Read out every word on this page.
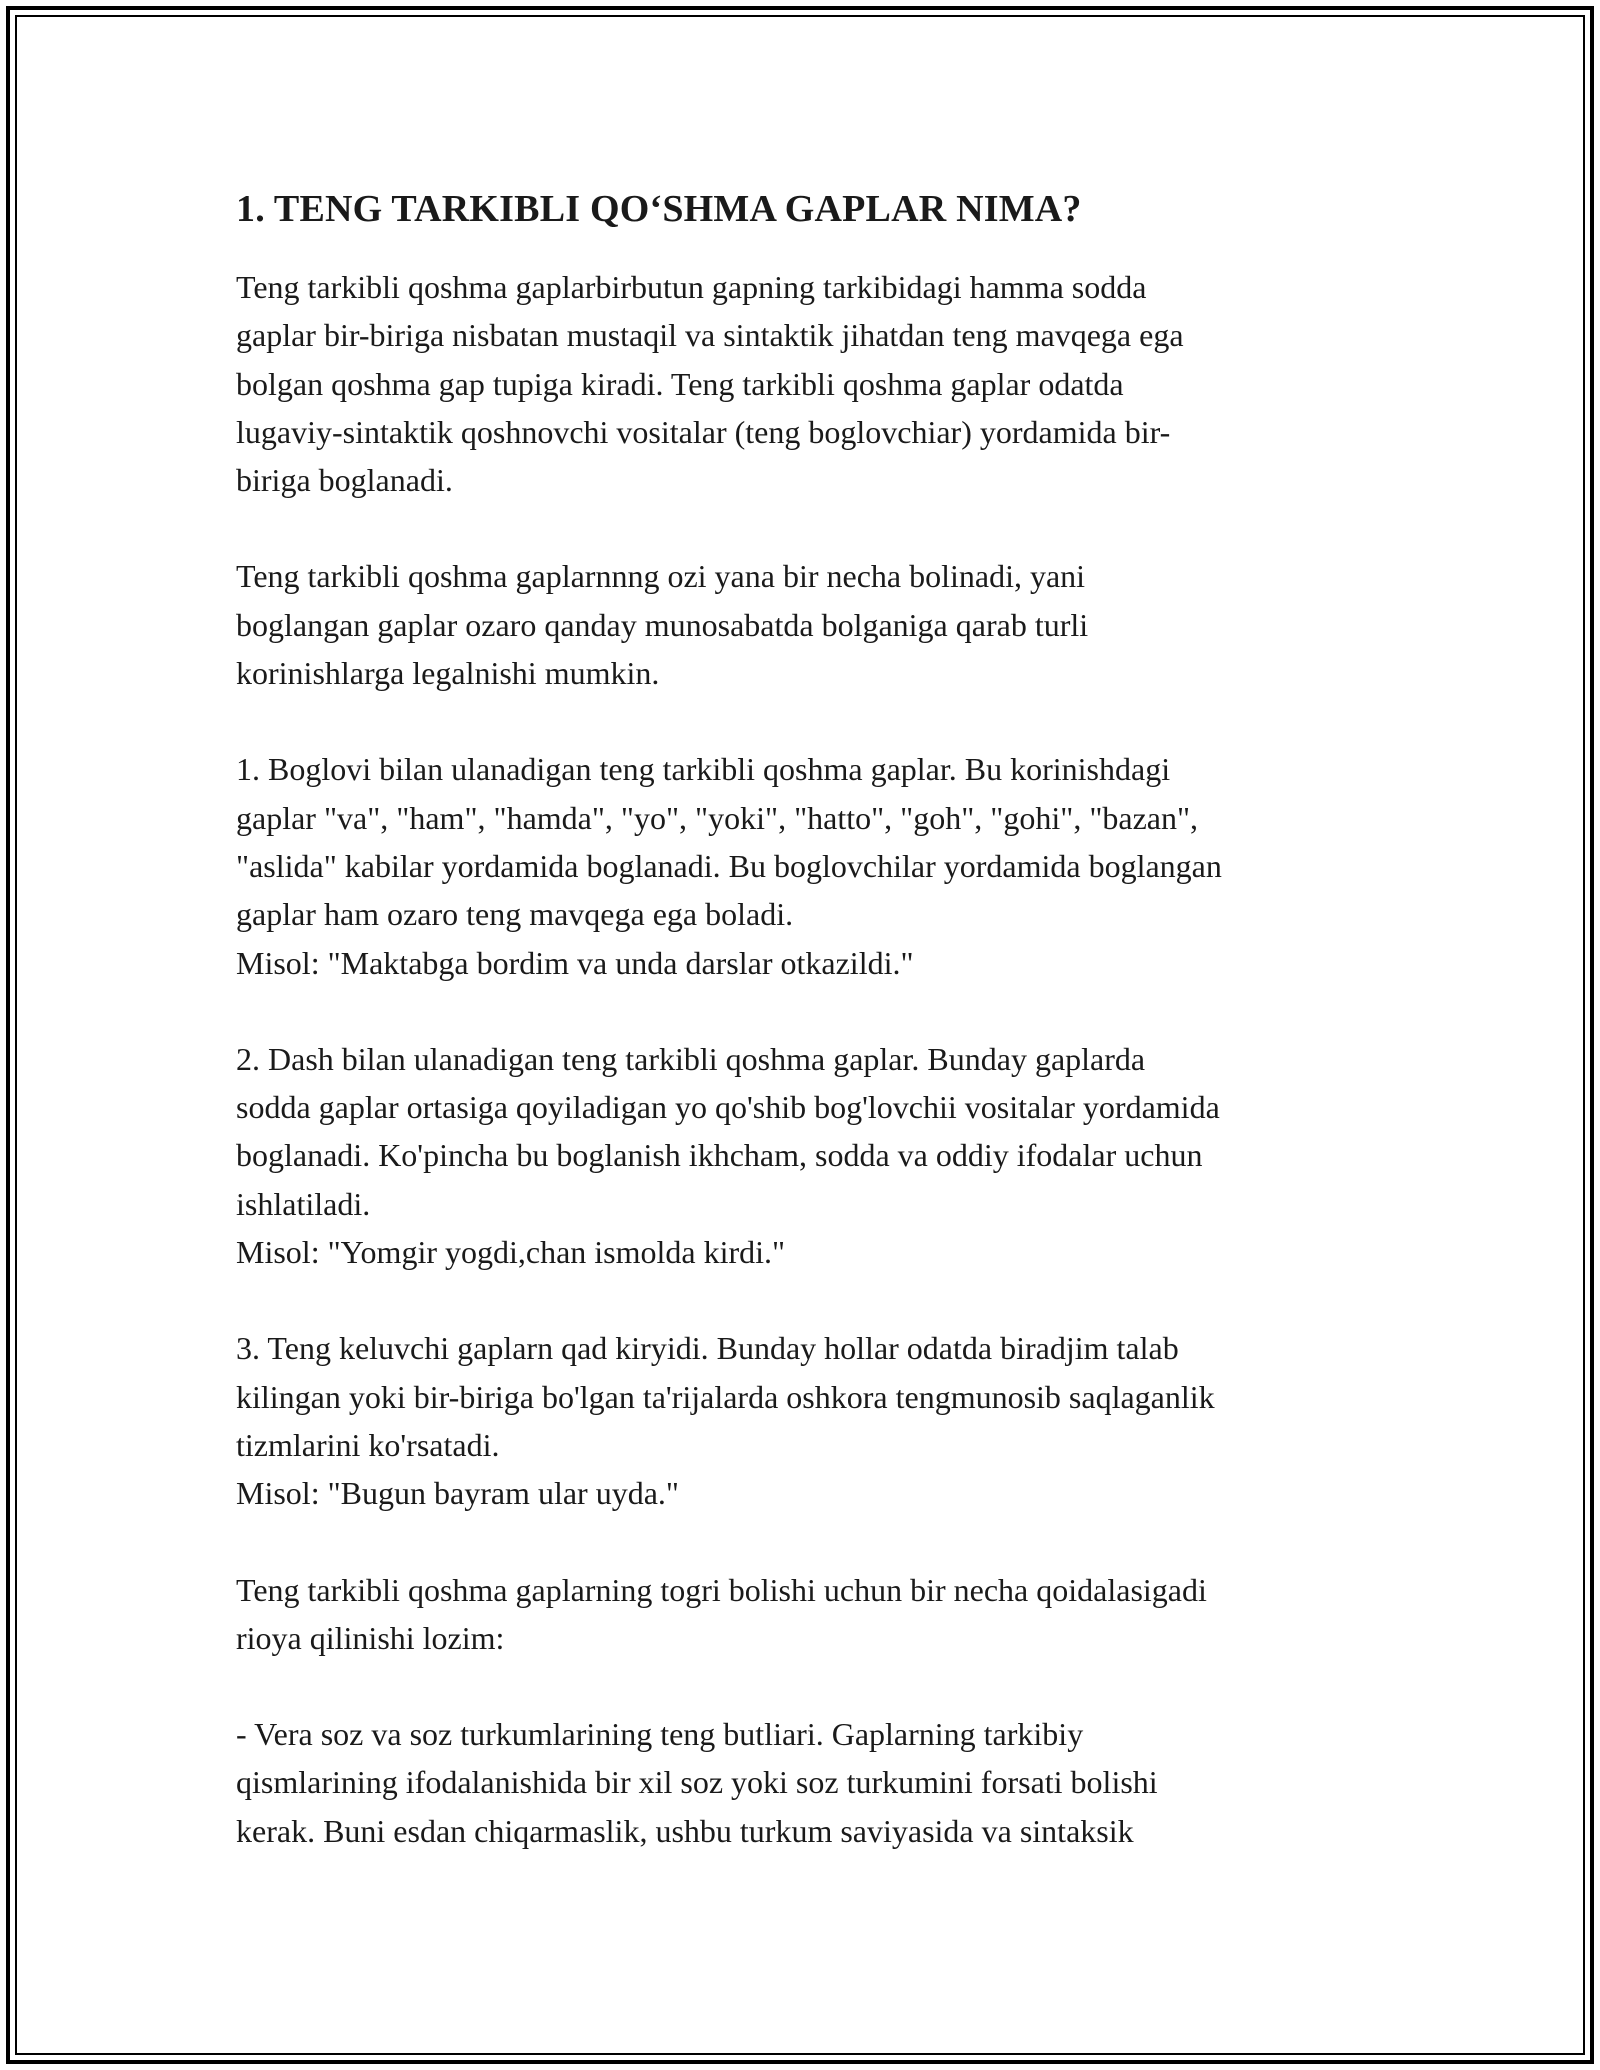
1. TENG TARKIBLI QO‘SHMA GAPLAR NIMA?

Teng tarkibli qoshma gaplarbirbutun gapning tarkibidagi hamma sodda
gaplar bir-biriga nisbatan mustaqil va sintaktik jihatdan teng mavqega ega
bolgan qoshma gap tupiga kiradi. Teng tarkibli qoshma gaplar odatda
lugaviy-sintaktik qoshnovchi vositalar (teng boglovchiar) yordamida bir-
biriga boglanadi.

Teng tarkibli qoshma gaplarnnng ozi yana bir necha bolinadi, yani
boglangan gaplar ozaro qanday munosabatda bolganiga qarab turli
korinishlarga legalnishi mumkin.

1. Boglovi bilan ulanadigan teng tarkibli qoshma gaplar. Bu korinishdagi
gaplar "va", "ham", "hamda", "yo", "yoki", "hatto", "goh", "gohi", "bazan",
"aslida" kabilar yordamida boglanadi. Bu boglovchilar yordamida boglangan
gaplar ham ozaro teng mavqega ega boladi.
Misol: "Maktabga bordim va unda darslar otkazildi."

2. Dash bilan ulanadigan teng tarkibli qoshma gaplar. Bunday gaplarda
sodda gaplar ortasiga qoyiladigan yo qo'shib bog'lovchii vositalar yordamida
boglanadi. Ko'pincha bu boglanish ikhcham, sodda va oddiy ifodalar uchun
ishlatiladi.
Misol: "Yomgir yogdi,chan ismolda kirdi."

3. Teng keluvchi gaplarn qad kiryidi. Bunday hollar odatda biradjim talab
kilingan yoki bir-biriga bo'lgan ta'rijalarda oshkora tengmunosib saqlaganlik
tizmlarini ko'rsatadi.
Misol: "Bugun bayram ular uyda."

Teng tarkibli qoshma gaplarning togri bolishi uchun bir necha qoidalasigadi
rioya qilinishi lozim:

- Vera soz va soz turkumlarining teng butliari. Gaplarning tarkibiy
qismlarining ifodalanishida bir xil soz yoki soz turkumini forsati bolishi
kerak. Buni esdan chiqarmaslik, ushbu turkum saviyasida va sintaksik
